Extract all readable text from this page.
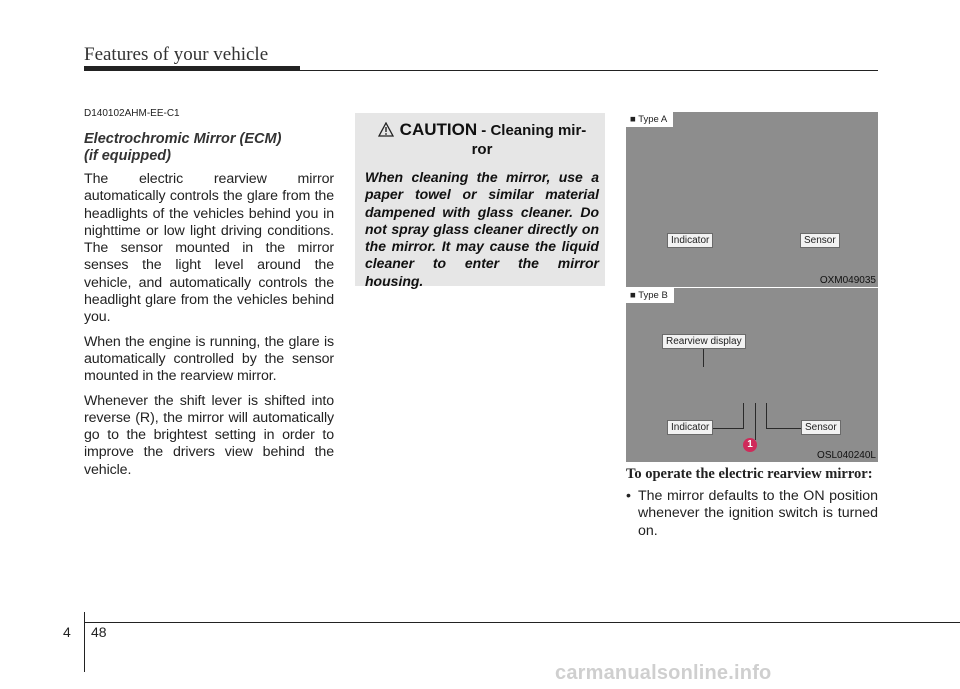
Features of your vehicle
D140102AHM-EE-C1
Electrochromic Mirror (ECM)
(if equipped)

The electric rearview mirror automatically controls the glare from the headlights of the vehicles behind you in nighttime or low light driving conditions. The sensor mounted in the mirror senses the light level around the vehicle, and automatically controls the headlight glare from the vehicles behind you.

When the engine is running, the glare is automatically controlled by the sensor mounted in the rearview mirror.

Whenever the shift lever is shifted into reverse (R), the mirror will automatically go to the brightest setting in order to improve the drivers view behind the vehicle.

CAUTION - Cleaning mir-
ror
When cleaning the mirror, use a paper towel or similar material dampened with glass cleaner. Do not spray glass cleaner directly on the mirror. It may cause the liquid cleaner to enter the mirror housing.
■ Type A
Indicator	Sensor
OXM049035
■ Type B
Rearview display
Indicator	Sensor
1
OSL040240L
To operate the electric rearview mirror:
• The mirror defaults to the ON position whenever the ignition switch is turned on.
4 48
carmanualsonline.info
